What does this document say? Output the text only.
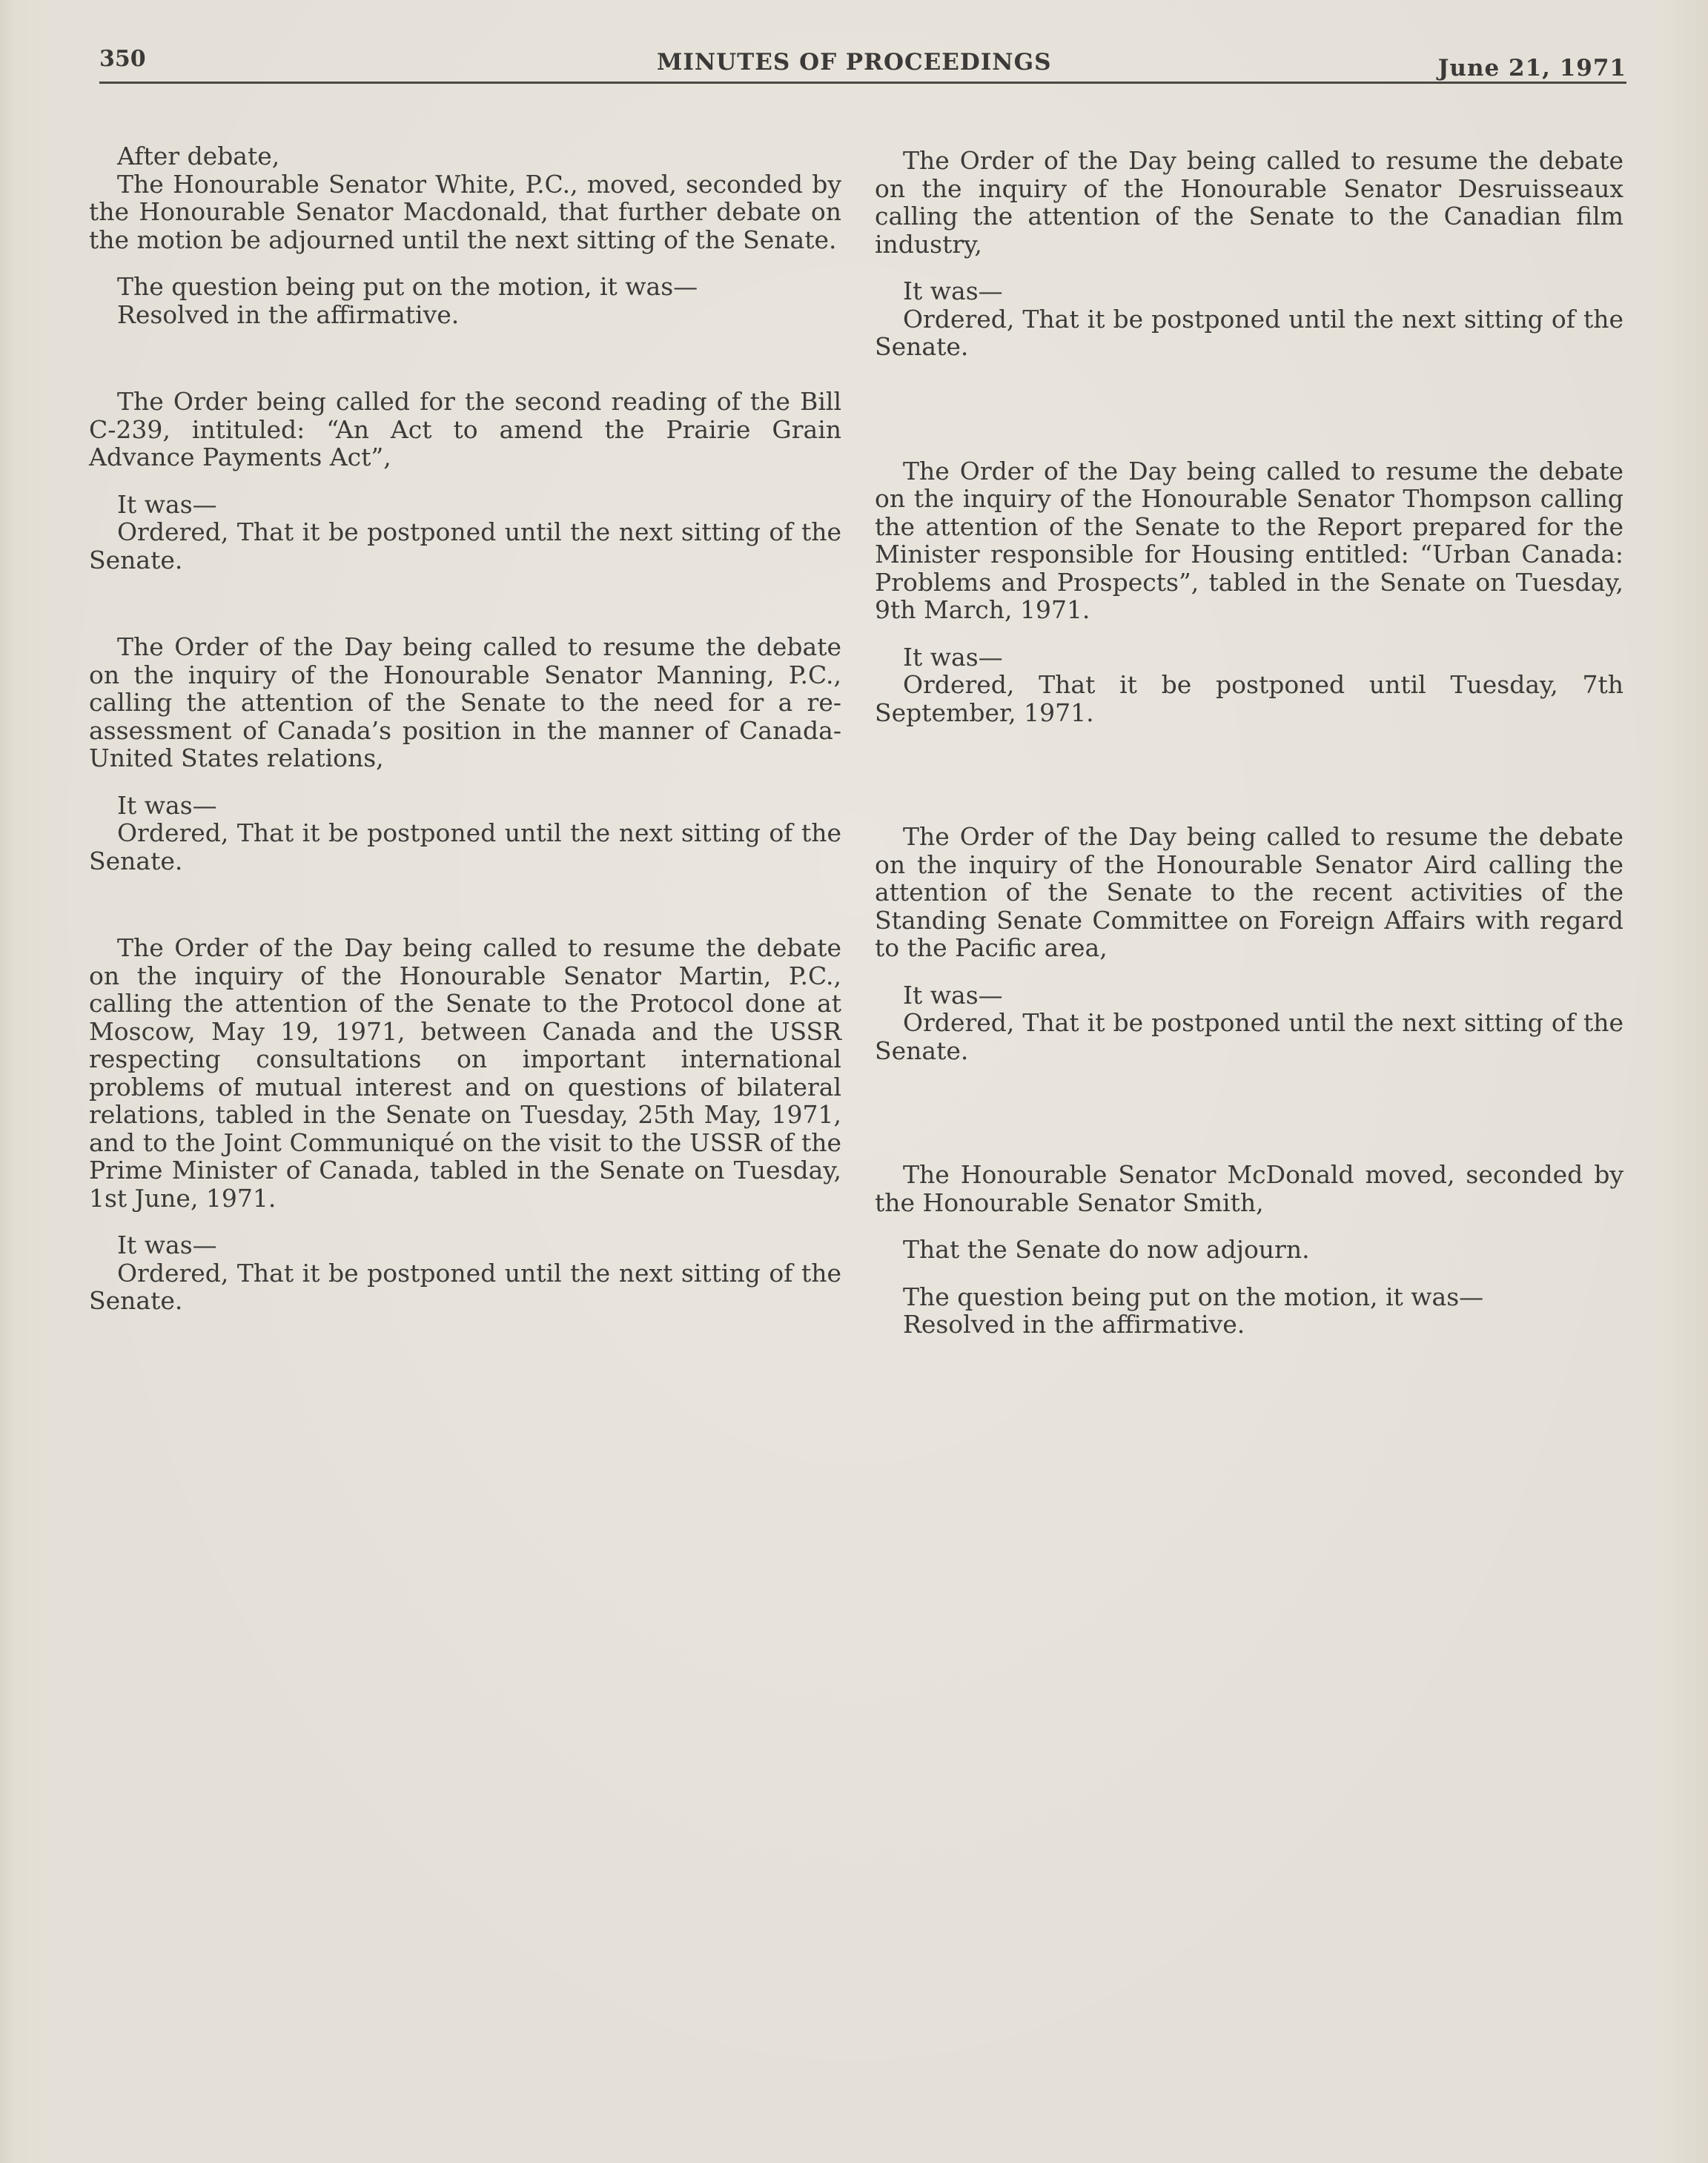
350	MINUTES OF PROCEEDINGS	June 21, 1971

After debate,

The Honourable Senator White, P.C., moved, seconded by the Honourable Senator Macdonald, that further debate on the motion be adjourned until the next sitting of the Senate.

The question being put on the motion, it was—

Resolved in the affirmative.

The Order being called for the second reading of the Bill C-239, intituled: “An Act to amend the Prairie Grain Advance Payments Act”,

It was—

Ordered, That it be postponed until the next sitting of the Senate.

The Order of the Day being called to resume the debate on the inquiry of the Honourable Senator Manning, P.C., calling the attention of the Senate to the need for a re-assessment of Canada’s position in the manner of Canada-United States relations,

It was—

Ordered, That it be postponed until the next sitting of the Senate.

The Order of the Day being called to resume the debate on the inquiry of the Honourable Senator Martin, P.C., calling the attention of the Senate to the Protocol done at Moscow, May 19, 1971, between Canada and the USSR respecting consultations on important international problems of mutual interest and on questions of bilateral relations, tabled in the Senate on Tuesday, 25th May, 1971, and to the Joint Communiqué on the visit to the USSR of the Prime Minister of Canada, tabled in the Senate on Tuesday, 1st June, 1971.

It was—

Ordered, That it be postponed until the next sitting of the Senate.

The Order of the Day being called to resume the debate on the inquiry of the Honourable Senator Desruisseaux calling the attention of the Senate to the Canadian film industry,

It was—

Ordered, That it be postponed until the next sitting of the Senate.

The Order of the Day being called to resume the debate on the inquiry of the Honourable Senator Thompson calling the attention of the Senate to the Report prepared for the Minister responsible for Housing entitled: “Urban Canada: Problems and Prospects”, tabled in the Senate on Tuesday, 9th March, 1971.

It was—

Ordered, That it be postponed until Tuesday, 7th September, 1971.

The Order of the Day being called to resume the debate on the inquiry of the Honourable Senator Aird calling the attention of the Senate to the recent activities of the Standing Senate Committee on Foreign Affairs with regard to the Pacific area,

It was—

Ordered, That it be postponed until the next sitting of the Senate.

The Honourable Senator McDonald moved, seconded by the Honourable Senator Smith,

That the Senate do now adjourn.

The question being put on the motion, it was—

Resolved in the affirmative.
